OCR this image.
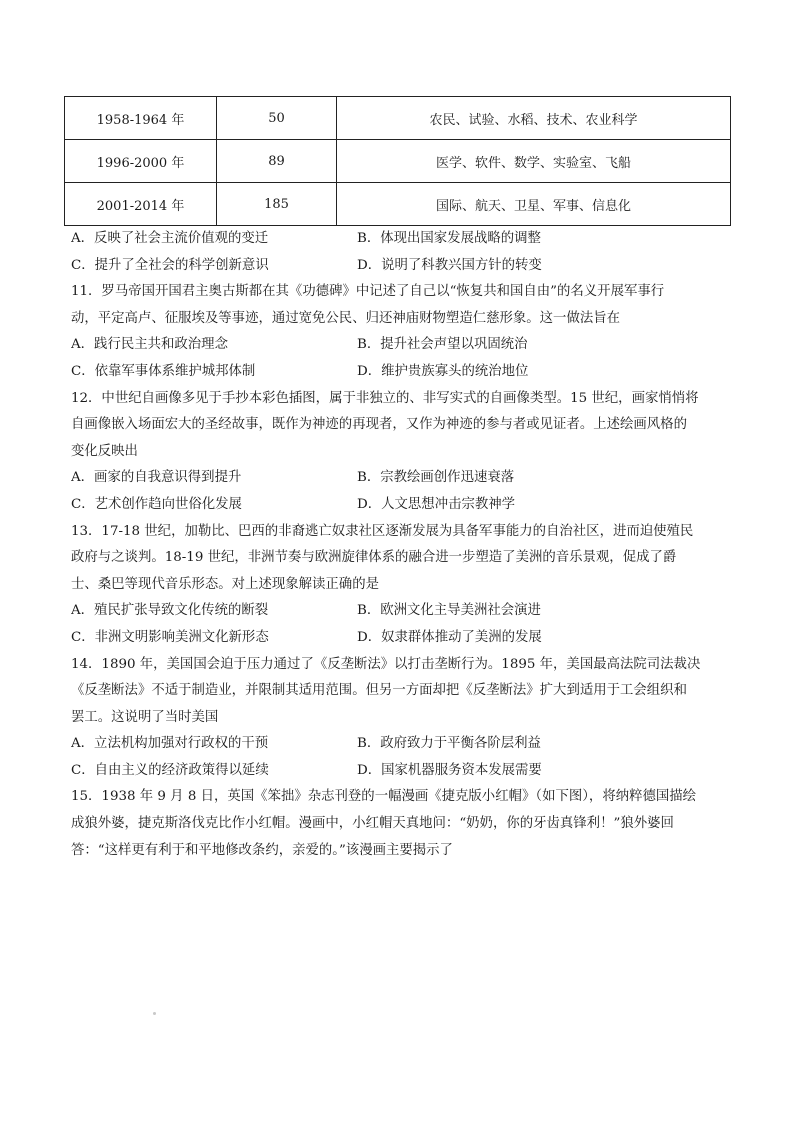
1958-1964 年	50	农民、试验、水稻、技术、农业科学
1996-2000 年	89	医学、软件、数学、实验室、飞船
2001-2014 年	185	国际、航天、卫星、军事、信息化
A．反映了社会主流价值观的变迁	B．体现出国家发展战略的调整
C．提升了全社会的科学创新意识	D．说明了科教兴国方针的转变
11．罗马帝国开国君主奥古斯都在其《功德碑》中记述了自己以“恢复共和国自由”的名义开展军事行
动，平定高卢、征服埃及等事迹，通过宽免公民、归还神庙财物塑造仁慈形象。这一做法旨在
A．践行民主共和政治理念	B．提升社会声望以巩固统治
C．依靠军事体系维护城邦体制	D．维护贵族寡头的统治地位
12．中世纪自画像多见于手抄本彩色插图，属于非独立的、非写实式的自画像类型。15 世纪，画家悄悄将
自画像嵌入场面宏大的圣经故事，既作为神迹的再现者，又作为神迹的参与者或见证者。上述绘画风格的
变化反映出
A．画家的自我意识得到提升	B．宗教绘画创作迅速衰落
C．艺术创作趋向世俗化发展	D．人文思想冲击宗教神学
13．17-18 世纪，加勒比、巴西的非裔逃亡奴隶社区逐渐发展为具备军事能力的自治社区，进而迫使殖民
政府与之谈判。18-19 世纪，非洲节奏与欧洲旋律体系的融合进一步塑造了美洲的音乐景观，促成了爵
士、桑巴等现代音乐形态。对上述现象解读正确的是
A．殖民扩张导致文化传统的断裂	B．欧洲文化主导美洲社会演进
C．非洲文明影响美洲文化新形态	D．奴隶群体推动了美洲的发展
14．1890 年，美国国会迫于压力通过了《反垄断法》以打击垄断行为。1895 年，美国最高法院司法裁决
《反垄断法》不适于制造业，并限制其适用范围。但另一方面却把《反垄断法》扩大到适用于工会组织和
罢工。这说明了当时美国
A．立法机构加强对行政权的干预	B．政府致力于平衡各阶层利益
C．自由主义的经济政策得以延续	D．国家机器服务资本发展需要
15．1938 年 9 月 8 日，英国《笨拙》杂志刊登的一幅漫画《捷克版小红帽》（如下图），将纳粹德国描绘
成狼外婆，捷克斯洛伐克比作小红帽。漫画中，小红帽天真地问：“奶奶，你的牙齿真锋利！”狼外婆回
答：“这样更有利于和平地修改条约，亲爱的。”该漫画主要揭示了
